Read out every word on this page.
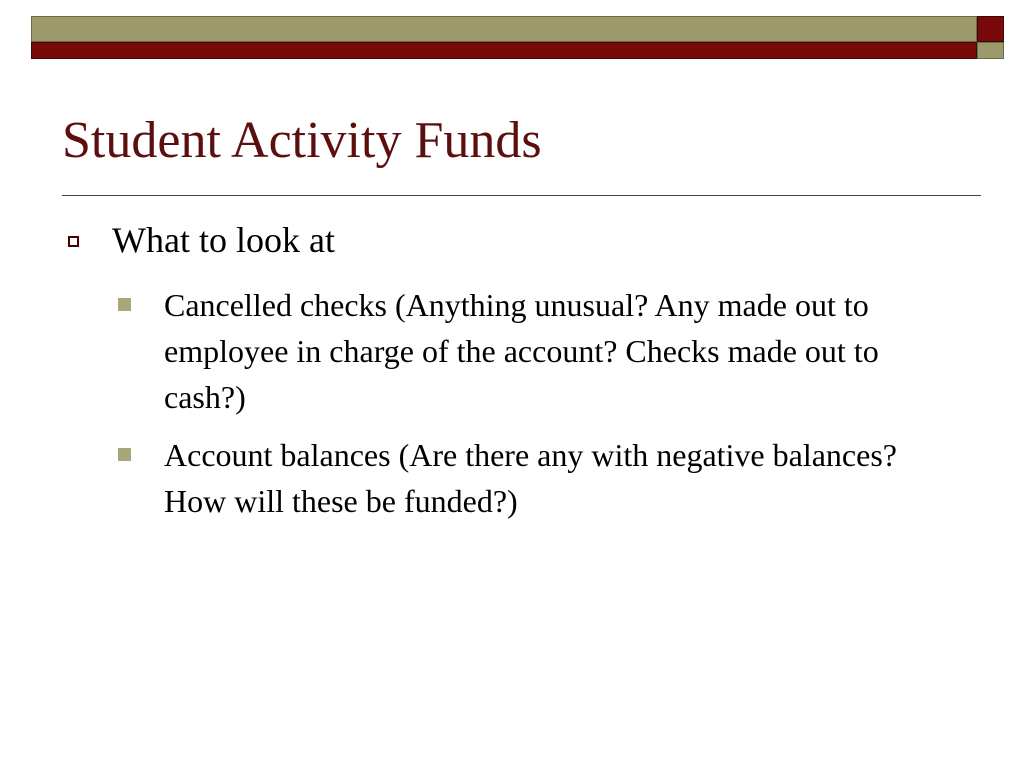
Student Activity Funds
What to look at
Cancelled checks (Anything unusual? Any made out to employee in charge of the account? Checks made out to cash?)
Account balances (Are there any with negative balances? How will these be funded?)
